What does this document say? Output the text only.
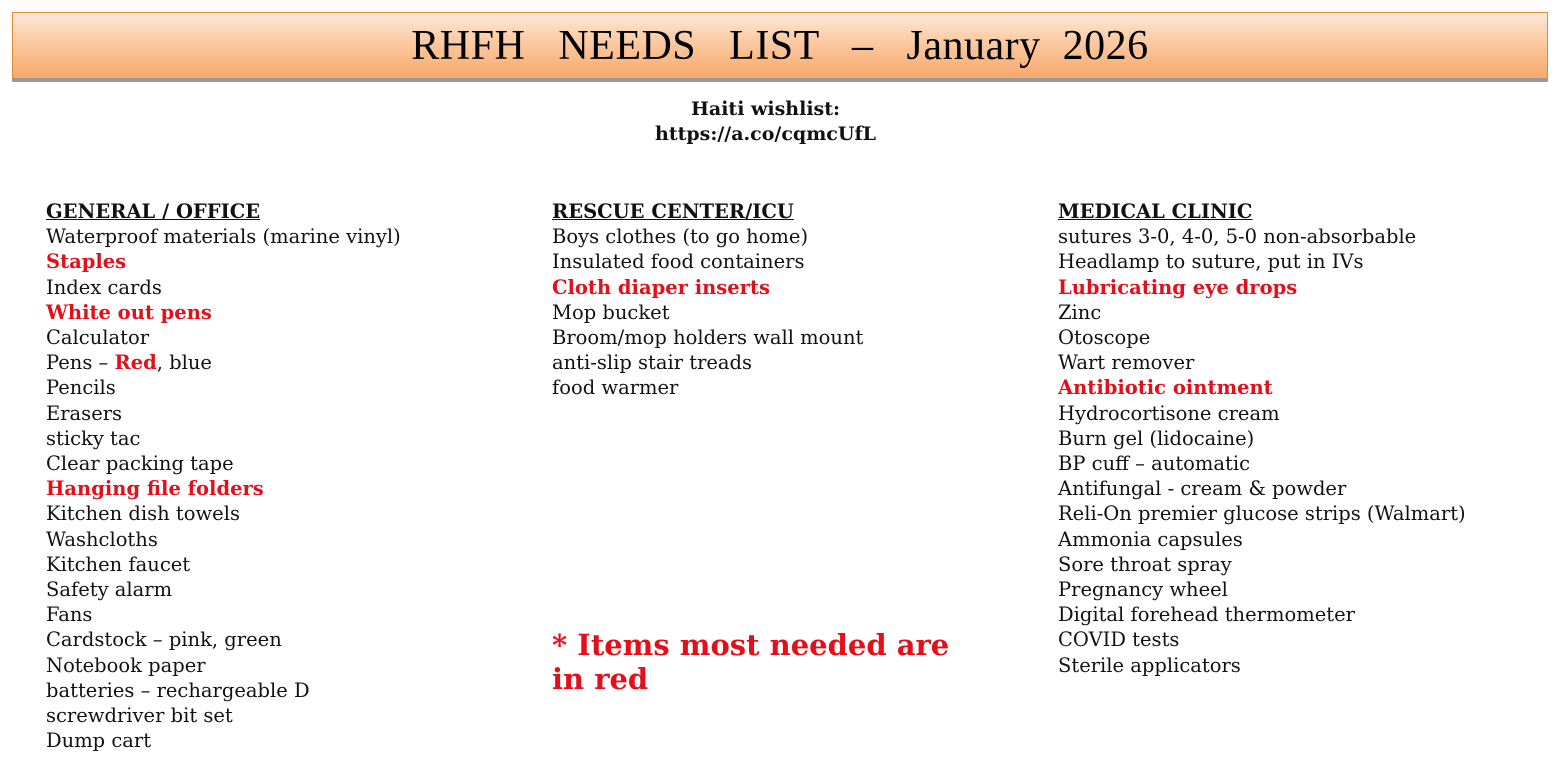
RHFH   NEEDS   LIST   –   January  2026
Haiti wishlist:
https://a.co/cqmcUfL
GENERAL / OFFICE
Waterproof materials (marine vinyl)
Staples
Index cards
White out pens
Calculator
Pens – Red, blue
Pencils
Erasers
sticky tac
Clear packing tape
Hanging file folders
Kitchen dish towels
Washcloths
Kitchen faucet
Safety alarm
Fans
Cardstock – pink, green
Notebook paper
batteries – rechargeable D
screwdriver bit set
Dump cart
RESCUE CENTER/ICU
Boys clothes (to go home)
Insulated food containers
Cloth diaper inserts
Mop bucket
Broom/mop holders wall mount
anti-slip stair treads
food warmer
MEDICAL CLINIC
sutures 3-0, 4-0, 5-0 non-absorbable
Headlamp to suture, put in IVs
Lubricating eye drops
Zinc
Otoscope
Wart remover
Antibiotic ointment
Hydrocortisone cream
Burn gel (lidocaine)
BP cuff – automatic
Antifungal - cream & powder
Reli-On premier glucose strips (Walmart)
Ammonia capsules
Sore throat spray
Pregnancy wheel
Digital forehead thermometer
COVID tests
Sterile applicators
* Items most needed are in red
